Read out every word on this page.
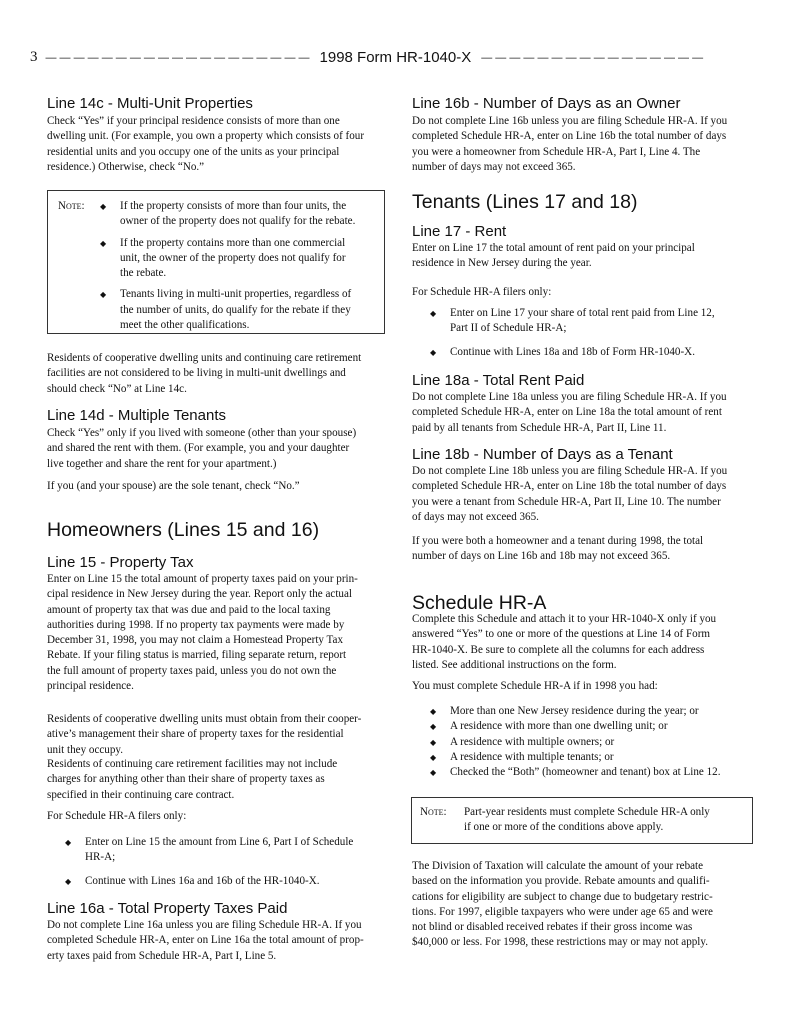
3 — — — — — — — — — — — — — — — — — — — 1998 Form HR-1040-X — — — — — — — — — — — — — — — —
Line 14c - Multi-Unit Properties
Check “Yes” if your principal residence consists of more than one
dwelling unit. (For example, you own a property which consists of four
residential units and you occupy one of the units as your principal
residence.) Otherwise, check “No.”
Note: ◆ If the property consists of more than four units, the
owner of the property does not qualify for the rebate.
◆ If the property contains more than one commercial
unit, the owner of the property does not qualify for
the rebate.
◆ Tenants living in multi-unit properties, regardless of
the number of units, do qualify for the rebate if they
meet the other qualifications.
Residents of cooperative dwelling units and continuing care retirement
facilities are not considered to be living in multi-unit dwellings and
should check “No” at Line 14c.
Line 14d - Multiple Tenants
Check “Yes” only if you lived with someone (other than your spouse)
and shared the rent with them. (For example, you and your daughter
live together and share the rent for your apartment.)
If you (and your spouse) are the sole tenant, check “No.”
Homeowners (Lines 15 and 16)
Line 15 - Property Tax
Enter on Line 15 the total amount of property taxes paid on your prin-
cipal residence in New Jersey during the year. Report only the actual
amount of property tax that was due and paid to the local taxing
authorities during 1998. If no property tax payments were made by
December 31, 1998, you may not claim a Homestead Property Tax
Rebate. If your filing status is married, filing separate return, report
the full amount of property taxes paid, unless you do not own the
principal residence.
Residents of cooperative dwelling units must obtain from their cooper-
ative’s management their share of property taxes for the residential
unit they occupy.
Residents of continuing care retirement facilities may not include
charges for anything other than their share of property taxes as
specified in their continuing care contract.
For Schedule HR-A filers only:
◆ Enter on Line 15 the amount from Line 6, Part I of Schedule
HR-A;
◆ Continue with Lines 16a and 16b of the HR-1040-X.
Line 16a - Total Property Taxes Paid
Do not complete Line 16a unless you are filing Schedule HR-A. If you
completed Schedule HR-A, enter on Line 16a the total amount of prop-
erty taxes paid from Schedule HR-A, Part I, Line 5.
Line 16b - Number of Days as an Owner
Do not complete Line 16b unless you are filing Schedule HR-A. If you
completed Schedule HR-A, enter on Line 16b the total number of days
you were a homeowner from Schedule HR-A, Part I, Line 4. The
number of days may not exceed 365.
Tenants (Lines 17 and 18)
Line 17 - Rent
Enter on Line 17 the total amount of rent paid on your principal
residence in New Jersey during the year.
For Schedule HR-A filers only:
◆ Enter on Line 17 your share of total rent paid from Line 12,
Part II of Schedule HR-A;
◆ Continue with Lines 18a and 18b of Form HR-1040-X.
Line 18a - Total Rent Paid
Do not complete Line 18a unless you are filing Schedule HR-A. If you
completed Schedule HR-A, enter on Line 18a the total amount of rent
paid by all tenants from Schedule HR-A, Part II, Line 11.
Line 18b - Number of Days as a Tenant
Do not complete Line 18b unless you are filing Schedule HR-A. If you
completed Schedule HR-A, enter on Line 18b the total number of days
you were a tenant from Schedule HR-A, Part II, Line 10. The number
of days may not exceed 365.
If you were both a homeowner and a tenant during 1998, the total
number of days on Line 16b and 18b may not exceed 365.
Schedule HR-A
Complete this Schedule and attach it to your HR-1040-X only if you
answered “Yes” to one or more of the questions at Line 14 of Form
HR-1040-X. Be sure to complete all the columns for each address
listed. See additional instructions on the form.
You must complete Schedule HR-A if in 1998 you had:
◆ More than one New Jersey residence during the year; or
◆ A residence with more than one dwelling unit; or
◆ A residence with multiple owners; or
◆ A residence with multiple tenants; or
◆ Checked the “Both” (homeowner and tenant) box at Line 12.
Note: Part-year residents must complete Schedule HR-A only
if one or more of the conditions above apply.
The Division of Taxation will calculate the amount of your rebate
based on the information you provide. Rebate amounts and qualifi-
cations for eligibility are subject to change due to budgetary restric-
tions. For 1997, eligible taxpayers who were under age 65 and were
not blind or disabled received rebates if their gross income was
$40,000 or less. For 1998, these restrictions may or may not apply.
